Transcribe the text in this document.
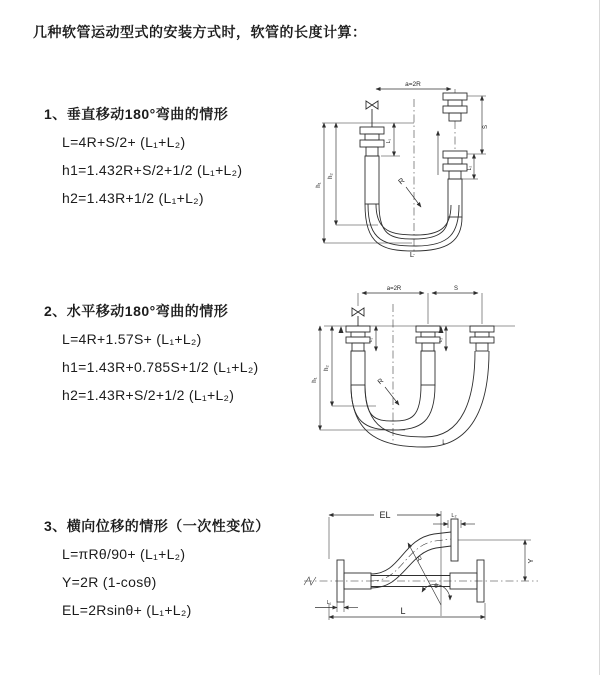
几种软管运动型式的安装方式时，软管的长度计算：
1、垂直移动180°弯曲的情形
L=4R+S/2+ (L₁+L₂)
h1=1.432R+S/2+1/2 (L₁+L₂)
h2=1.43R+1/2 (L₁+L₂)
2、水平移动180°弯曲的情形
L=4R+1.57S+ (L₁+L₂)
h1=1.43R+0.785S+1/2 (L₁+L₂)
h2=1.43R+S/2+1/2 (L₁+L₂)
3、横向位移的情形（一次性变位）
L=πRθ/90+ (L₁+L₂)
Y=2R (1-cosθ)
EL=2Rsinθ+ (L₁+L₂)
a=2R
h₁
h₂
L₁
S
L₂
R
L
a=2R	S
L₁	L₂
h₁
h₂
R
L
EL	L₂
Y
L
L₁
R
θ
